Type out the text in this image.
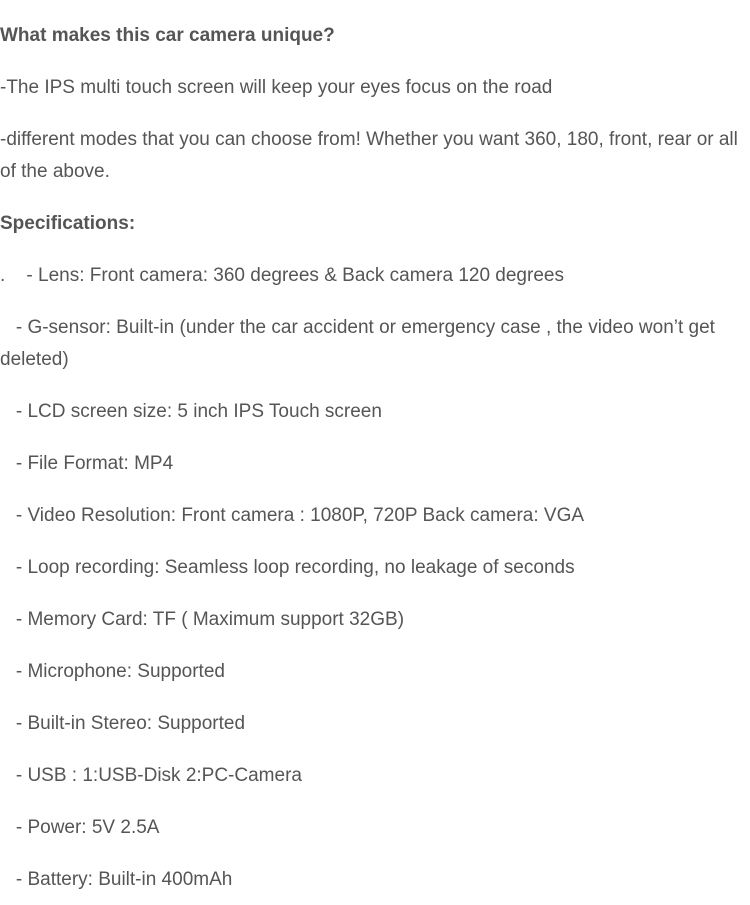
What makes this car camera unique?

-The IPS multi touch screen will keep your eyes focus on the road

-different modes that you can choose from! Whether you want 360, 180, front, rear or all of the above.

Specifications:

.    - Lens: Front camera: 360 degrees & Back camera 120 degrees

- G-sensor: Built-in (under the car accident or emergency case , the video won’t get deleted)

- LCD screen size: 5 inch IPS Touch screen

- File Format: MP4

- Video Resolution: Front camera : 1080P, 720P Back camera: VGA

- Loop recording: Seamless loop recording, no leakage of seconds

- Memory Card: TF ( Maximum support 32GB)

- Microphone: Supported

- Built-in Stereo: Supported

- USB : 1:USB-Disk 2:PC-Camera

- Power: 5V 2.5A

- Battery: Built-in 400mAh
